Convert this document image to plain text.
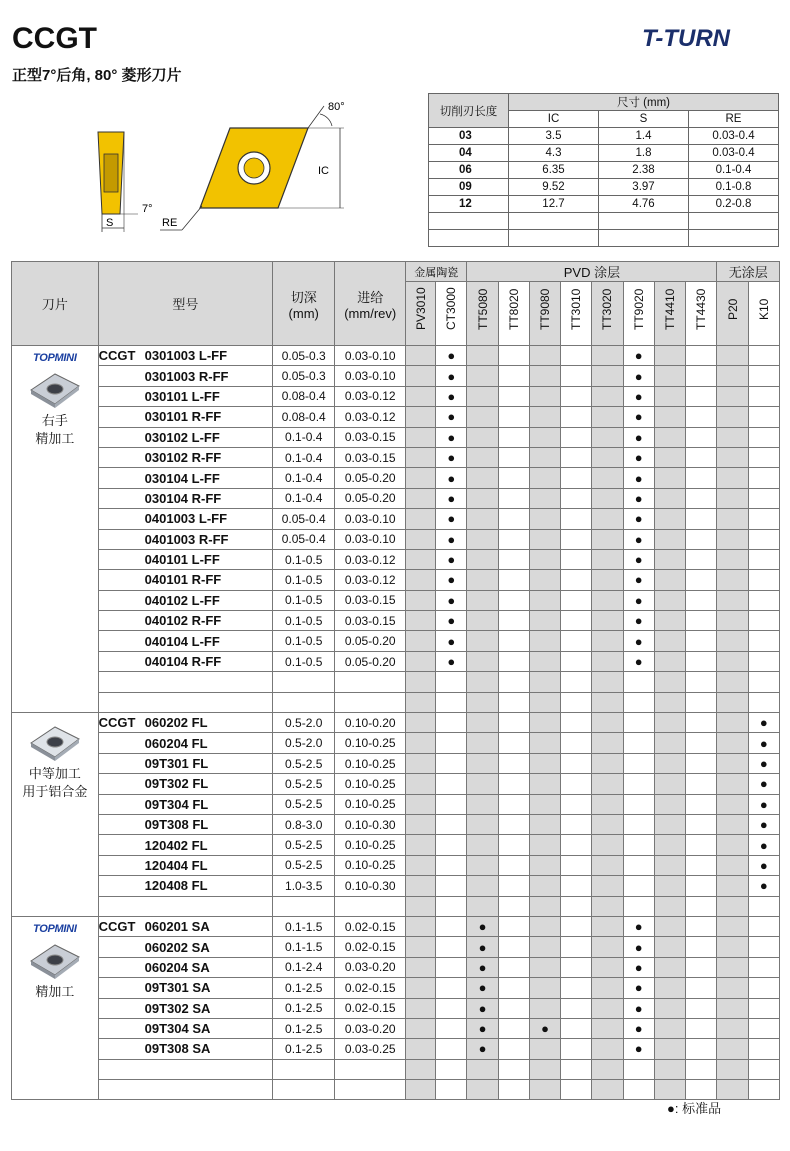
CCGT
正型7°后角, 80° 菱形刀片
T-TURN
S
7°
80°
IC
RE
切削刃长度	尺寸 (mm)		
	IC	S	RE
03	3.5	1.4	0.03-0.4
04	4.3	1.8	0.03-0.4
06	6.35	2.38	0.1-0.4
09	9.52	3.97	0.1-0.8
12	12.7	4.76	0.2-0.8

刀片	型号	切深
(mm)	进给
(mm/rev)	金属陶瓷		PVD 涂层								无涂层	
				PV3010	CT3000	TT5080	TT8020	TT9080	TT3010	TT3020	TT9020	TT4410	TT4430	P20	K10

TOPMINI
右手
精加工	CCGT 0301003 L-FF	0.05-0.3	0.03-0.10		●						●				
	0301003 R-FF	0.05-0.3	0.03-0.10		●						●				
	030101 L-FF	0.08-0.4	0.03-0.12		●						●				
	030101 R-FF	0.08-0.4	0.03-0.12		●						●				
	030102 L-FF	0.1-0.4	0.03-0.15		●						●				
	030102 R-FF	0.1-0.4	0.03-0.15		●						●				
	030104 L-FF	0.1-0.4	0.05-0.20		●						●				
	030104 R-FF	0.1-0.4	0.05-0.20		●						●				
	0401003 L-FF	0.05-0.4	0.03-0.10		●						●				
	0401003 R-FF	0.05-0.4	0.03-0.10		●						●				
	040101 L-FF	0.1-0.5	0.03-0.12		●						●				
	040101 R-FF	0.1-0.5	0.03-0.12		●						●				
	040102 L-FF	0.1-0.5	0.03-0.15		●						●				
	040102 R-FF	0.1-0.5	0.03-0.15		●						●				
	040104 L-FF	0.1-0.5	0.05-0.20		●						●				
	040104 R-FF	0.1-0.5	0.05-0.20		●						●				

中等加工
用于铝合金	CCGT 060202 FL	0.5-2.0	0.10-0.20												●
	060204 FL	0.5-2.0	0.10-0.25												●
	09T301 FL	0.5-2.5	0.10-0.25												●
	09T302 FL	0.5-2.5	0.10-0.25												●
	09T304 FL	0.5-2.5	0.10-0.25												●
	09T308 FL	0.8-3.0	0.10-0.30												●
	120402 FL	0.5-2.5	0.10-0.25												●
	120404 FL	0.5-2.5	0.10-0.25												●
	120408 FL	1.0-3.5	0.10-0.30												●

TOPMINI
精加工	CCGT 060201 SA	0.1-1.5	0.02-0.15			●					●				
	060202 SA	0.1-1.5	0.02-0.15			●					●				
	060204 SA	0.1-2.4	0.03-0.20			●					●				
	09T301 SA	0.1-2.5	0.02-0.15			●					●				
	09T302 SA	0.1-2.5	0.02-0.15			●					●				
	09T304 SA	0.1-2.5	0.03-0.20			●		●			●				
	09T308 SA	0.1-2.5	0.03-0.25			●					●				

●: 标准品
